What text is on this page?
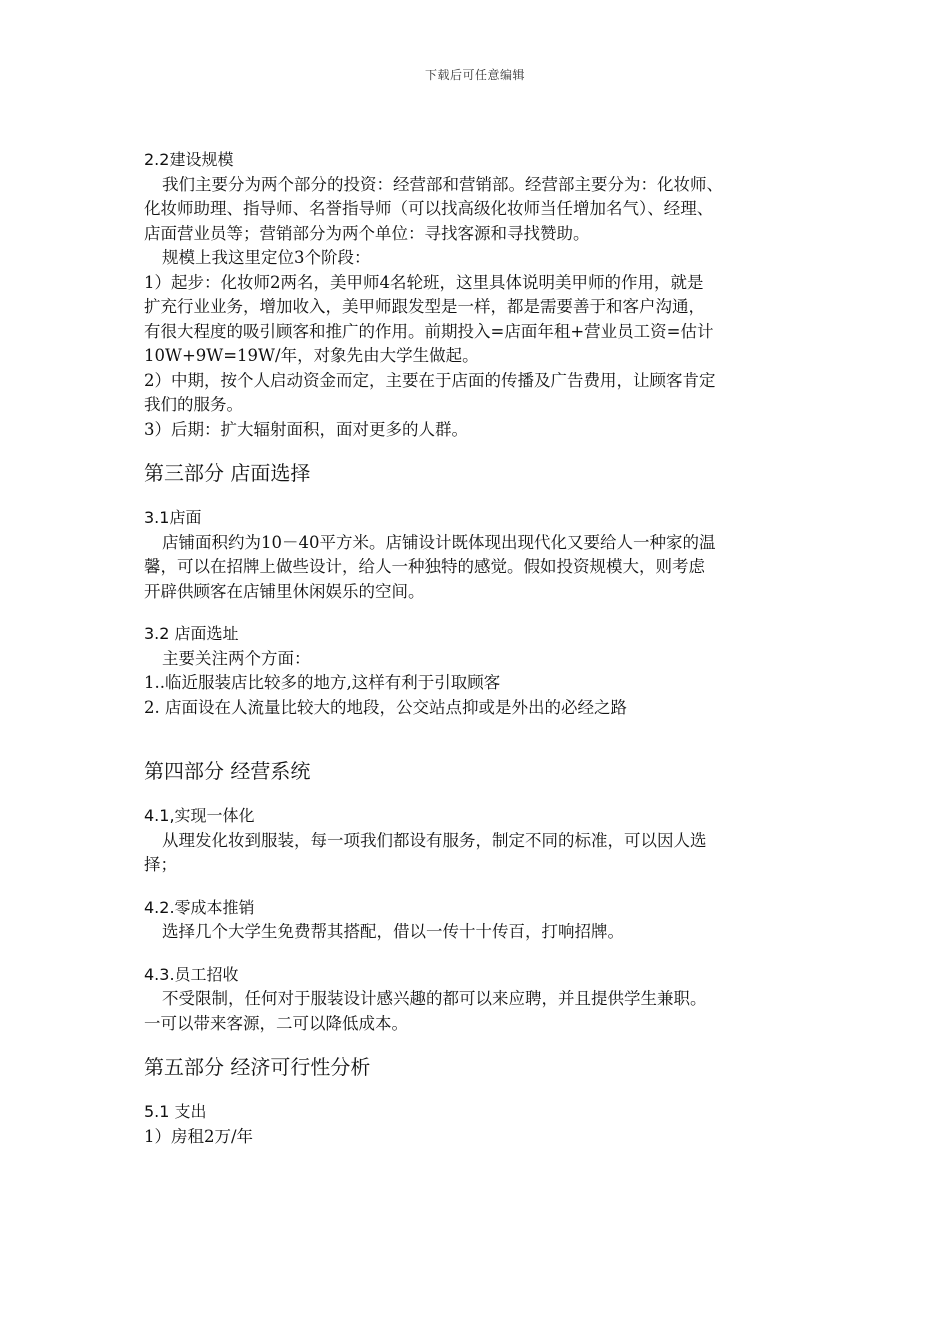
下载后可任意编辑
2.2建设规模
我们主要分为两个部分的投资：经营部和营销部。经营部主要分为：化妆师、
化妆师助理、指导师、名誉指导师（可以找高级化妆师当任增加名气）、经理、
店面营业员等；营销部分为两个单位：寻找客源和寻找赞助。
规模上我这里定位3个阶段：
1）起步：化妆师2两名，美甲师4名轮班，这里具体说明美甲师的作用，就是
扩充行业业务，增加收入，美甲师跟发型是一样，都是需要善于和客户沟通，
有很大程度的吸引顾客和推广的作用。前期投入=店面年租+营业员工资=估计
10W+9W=19W/年，对象先由大学生做起。
2）中期，按个人启动资金而定，主要在于店面的传播及广告费用，让顾客肯定
我们的服务。
3）后期：扩大辐射面积，面对更多的人群。
第三部分 店面选择
3.1店面
店铺面积约为10－40平方米。店铺设计既体现出现代化又要给人一种家的温
馨，可以在招牌上做些设计，给人一种独特的感觉。假如投资规模大，则考虑
开辟供顾客在店铺里休闲娱乐的空间。
3.2 店面选址
主要关注两个方面：
1..临近服装店比较多的地方,这样有利于引取顾客
2. 店面设在人流量比较大的地段，公交站点抑或是外出的必经之路
第四部分 经营系统
4.1,实现一体化
从理发化妆到服装，每一项我们都设有服务，制定不同的标准，可以因人选
择；
4.2.零成本推销
选择几个大学生免费帮其搭配，借以一传十十传百，打响招牌。
4.3.员工招收
不受限制，任何对于服装设计感兴趣的都可以来应聘，并且提供学生兼职。
一可以带来客源，二可以降低成本。
第五部分 经济可行性分析
5.1 支出
1）房租2万/年
